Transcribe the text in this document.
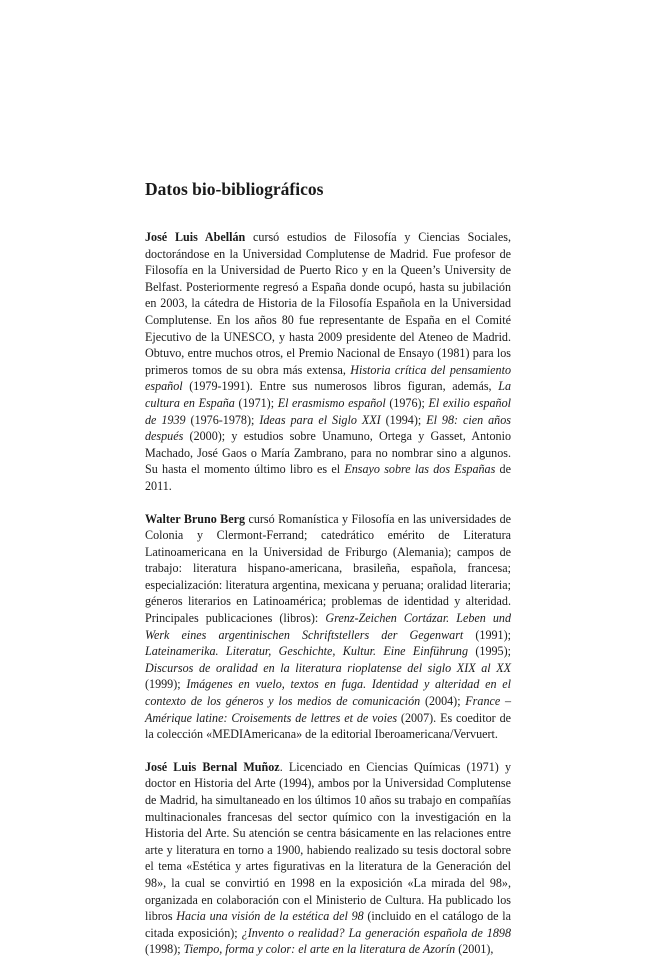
Datos bio-bibliográficos

José Luis Abellán cursó estudios de Filosofía y Ciencias Sociales, doctorándose en la Universidad Complutense de Madrid. Fue profesor de Filosofía en la Universidad de Puerto Rico y en la Queen’s University de Belfast. Posteriormente regresó a España donde ocupó, hasta su jubilación en 2003, la cátedra de Historia de la Filosofía Española en la Universidad Complutense. En los años 80 fue representante de España en el Comité Ejecutivo de la UNESCO, y hasta 2009 presidente del Ateneo de Madrid. Obtuvo, entre muchos otros, el Premio Nacional de Ensayo (1981) para los primeros tomos de su obra más extensa, Historia crítica del pensamiento español (1979-1991). Entre sus numerosos libros figuran, además, La cultura en España (1971); El erasmismo español (1976); El exilio español de 1939 (1976-1978); Ideas para el Siglo XXI (1994); El 98: cien años después (2000); y estudios sobre Unamuno, Ortega y Gasset, Antonio Machado, José Gaos o María Zambrano, para no nombrar sino a algunos. Su hasta el momento último libro es el Ensayo sobre las dos Españas de 2011.

Walter Bruno Berg cursó Romanística y Filosofía en las universidades de Colonia y Clermont-Ferrand; catedrático emérito de Literatura Latinoamericana en la Universidad de Friburgo (Alemania); campos de trabajo: literatura hispano-americana, brasileña, española, francesa; especialización: literatura argentina, mexicana y peruana; oralidad literaria; géneros literarios en Latinoamérica; problemas de identidad y alteridad. Principales publicaciones (libros): Grenz-Zeichen Cortázar. Leben und Werk eines argentinischen Schriftstellers der Gegenwart (1991); Lateinamerika. Literatur, Geschichte, Kultur. Eine Einführung (1995); Discursos de oralidad en la literatura rioplatense del siglo XIX al XX (1999); Imágenes en vuelo, textos en fuga. Identidad y alteridad en el contexto de los géneros y los medios de comunicación (2004); France – Amérique latine: Croisements de lettres et de voies (2007). Es coeditor de la colección «MEDIAmericana» de la editorial Iberoamericana/Vervuert.

José Luis Bernal Muñoz. Licenciado en Ciencias Químicas (1971) y doctor en Historia del Arte (1994), ambos por la Universidad Complutense de Madrid, ha simultaneado en los últimos 10 años su trabajo en compañías multinacionales francesas del sector químico con la investigación en la Historia del Arte. Su atención se centra básicamente en las relaciones entre arte y literatura en torno a 1900, habiendo realizado su tesis doctoral sobre el tema «Estética y artes figurativas en la literatura de la Generación del 98», la cual se convirtió en 1998 en la exposición «La mirada del 98», organizada en colaboración con el Ministerio de Cultura. Ha publicado los libros Hacia una visión de la estética del 98 (incluido en el catálogo de la citada exposición); ¿Invento o realidad? La generación española de 1898 (1998); Tiempo, forma y color: el arte en la literatura de Azorín (2001),
